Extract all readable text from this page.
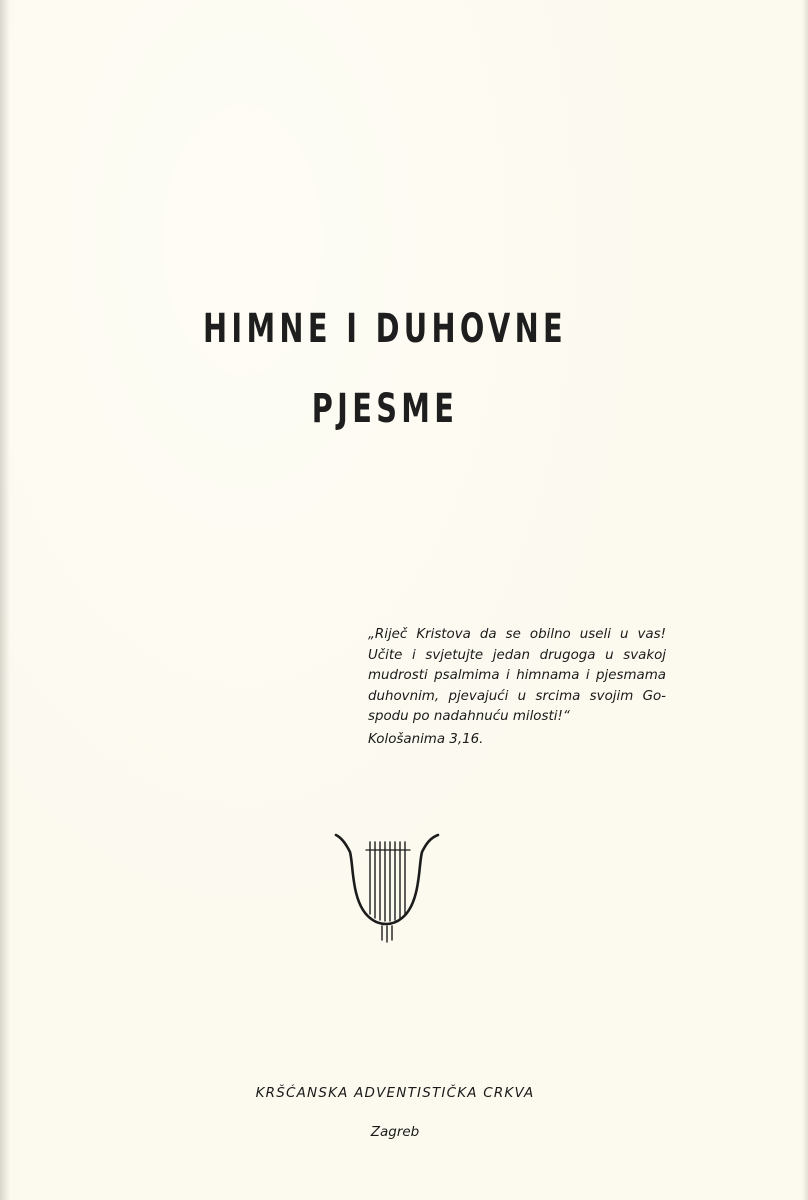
HIMNE I DUHOVNE
PJESME
„Riječ Kristova da se obilno useli u vas!
Učite i svjetujte jedan drugoga u svakoj
mudrosti psalmima i himnama i pjesmama
duhovnim, pjevajući u srcima svojim Go-
spodu po nadahnuću milosti!“
Kološanima 3,16.
KRŠĆANSKA ADVENTISTIČKA CRKVA
Zagreb
